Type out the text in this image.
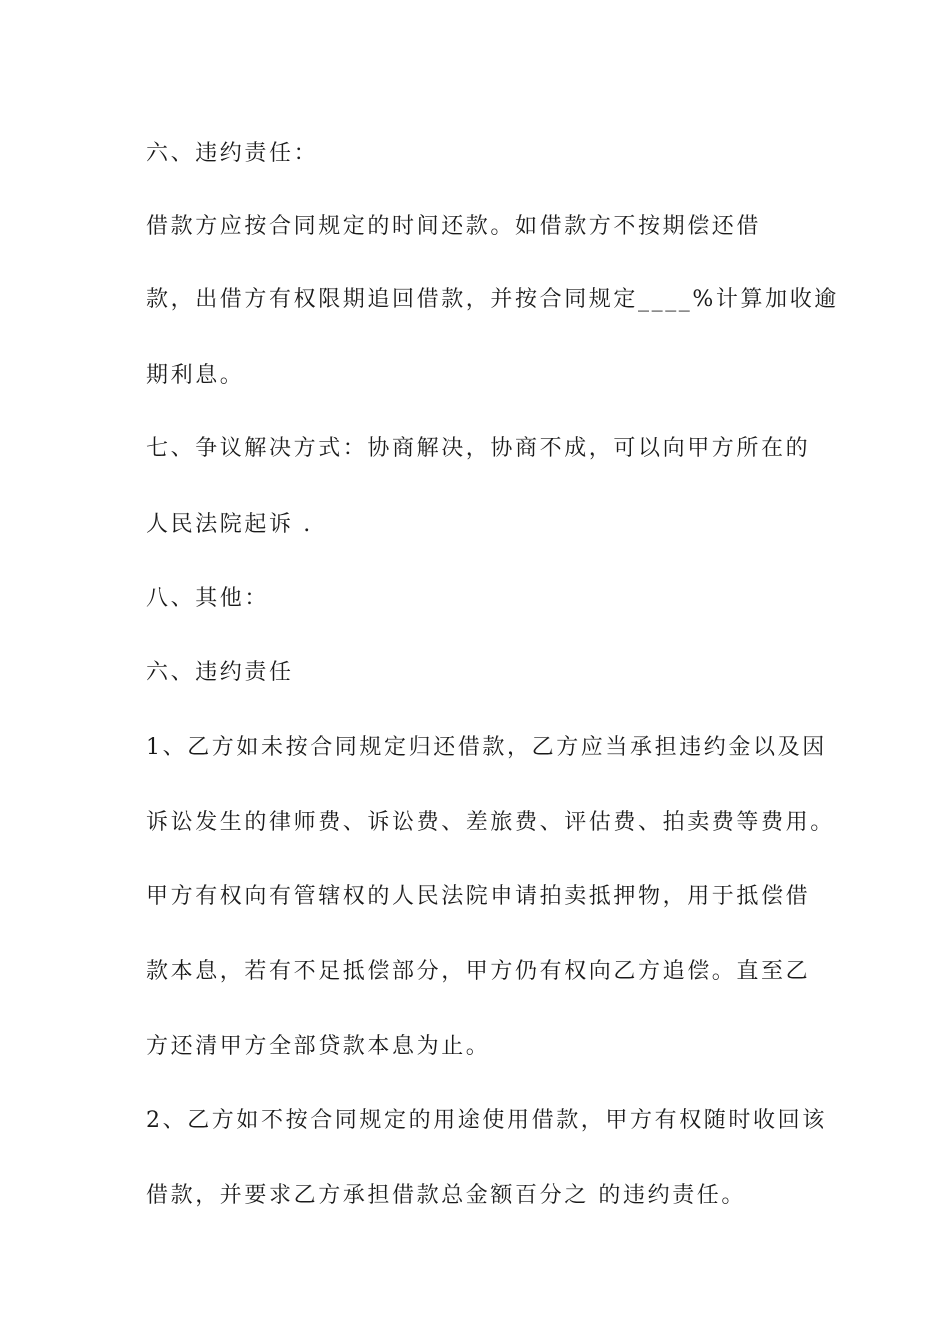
六、违约责任：

借款方应按合同规定的时间还款。如借款方不按期偿还借

款，出借方有权限期追回借款，并按合同规定____%计算加收逾

期利息。

七、争议解决方式：协商解决，协商不成，可以向甲方所在的

人民法院起诉 .

八、其他：

六、违约责任

1、乙方如未按合同规定归还借款，乙方应当承担违约金以及因

诉讼发生的律师费、诉讼费、差旅费、评估费、拍卖费等费用。

甲方有权向有管辖权的人民法院申请拍卖抵押物，用于抵偿借

款本息，若有不足抵偿部分，甲方仍有权向乙方追偿。直至乙

方还清甲方全部贷款本息为止。

2、乙方如不按合同规定的用途使用借款，甲方有权随时收回该

借款，并要求乙方承担借款总金额百分之 的违约责任。
